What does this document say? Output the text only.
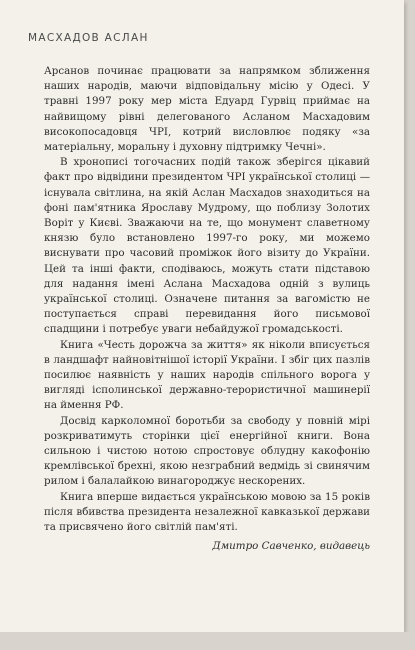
МАСХАДОВ АСЛАН

Арсанов починає працювати за напрямком зближення наших народів, маючи відповідальну місію у Одесі. У травні 1997 року мер міста Едуард Гурвіц приймає на найвищому рівні делегованого Асланом Масхадовим високопосадовця ЧРІ, котрий висловлює подяку «за матеріальну, моральну і духовну підтримку Чечні».

В хронописі тогочасних подій також зберігся цікавий факт про відвідини президентом ЧРІ української столиці — існувала світлина, на якій Аслан Масхадов знаходиться на фоні пам'ятника Ярославу Мудрому, що поблизу Золотих Воріт у Києві. Зважаючи на те, що монумент славетному князю було встановлено 1997-го року, ми можемо виснувати про часовий проміжок його візиту до України. Цей та інші факти, сподіваюсь, можуть стати підставою для надання імені Аслана Масхадова одній з вулиць української столиці. Означене питання за вагомістю не поступається справі перевидання його письмової спадщини і потребує уваги небайдужої громадськості.

Книга «Честь дорожча за життя» як ніколи вписується в ландшафт найновітнішої історії України. І збіг цих пазлів посилює наявність у наших народів спільного ворога у вигляді ісполинської державно-терористичної машинерії на ймення РФ.

Досвід карколомної боротьби за свободу у повній мірі розкриватимуть сторінки цієї енергійної книги. Вона сильною і чистою нотою спростовує облудну какофонію кремлівської брехні, якою незграбний ведмідь зі свинячим рилом і балалайкою винагороджує нескорених.

Книга вперше видається українською мовою за 15 років після вбивства президента незалежної кавказької держави та присвячено його світлій пам'яті.

Дмитро Савченко, видавець
